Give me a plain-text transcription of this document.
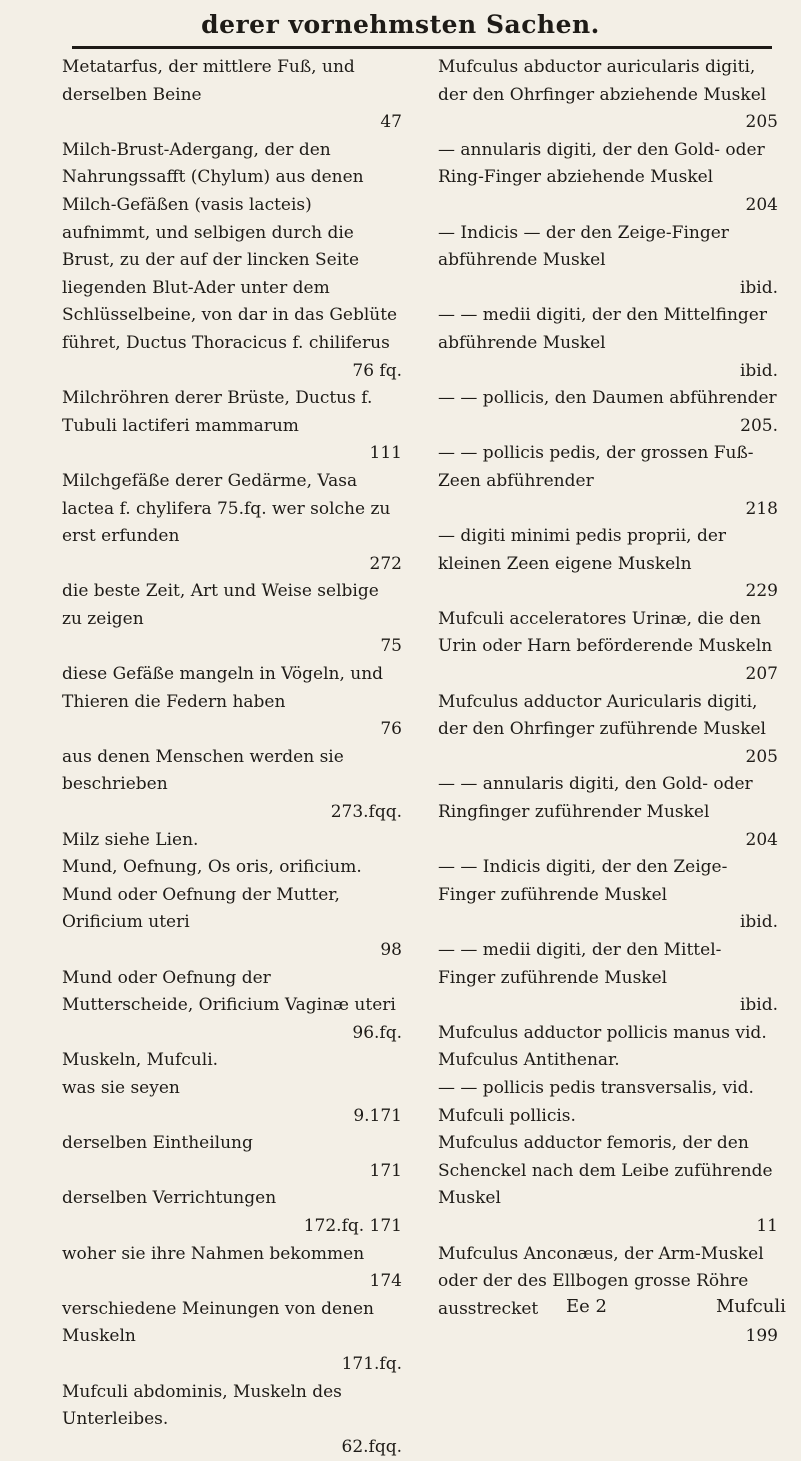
derer vornehmsten Sachen.
Metatarfus, der mittlere Fuß, und derselben Beine
47
Milch-Brust-Adergang, der den Nahrungssafft (Chylum) aus denen Milch-Gefäßen (vasis lacteis) aufnimmt, und selbigen durch die Brust, zu der auf der lincken Seite liegenden Blut-Ader unter dem Schlüsselbeine, von dar in das Geblüte führet, Ductus Thoracicus f. chiliferus
76 fq.
Milchröhren derer Brüste, Ductus f. Tubuli lactiferi mammarum
111
Milchgefäße derer Gedärme, Vasa lactea f. chylifera 75.fq. wer solche zu erst erfunden
272
die beste Zeit, Art und Weise selbige zu zeigen
75
diese Gefäße mangeln in Vögeln, und Thieren die Federn haben
76
aus denen Menschen werden sie beschrieben
273.fqq.
Milz siehe Lien.
Mund, Oefnung, Os oris, orificium.
Mund oder Oefnung der Mutter, Orificium uteri
98
Mund oder Oefnung der Mutterscheide, Orificium Vaginæ uteri
96.fq.
Muskeln, Mufculi.
was sie seyen
9.171
derselben Eintheilung
171
derselben Verrichtungen
172.fq. 171
woher sie ihre Nahmen bekommen
174
verschiedene Meinungen von denen Muskeln
171.fq.
Mufculi abdominis, Muskeln des Unterleibes.
62.fqq.
Mufculus abductor auricularis digiti, der den Ohrfinger abziehende Muskel
205
— annularis digiti, der den Gold- oder Ring-Finger abziehende Muskel
204
— Indicis — der den Zeige-Finger abführende Muskel
ibid.
— — medii digiti, der den Mittelfinger abführende Muskel
ibid.
— — pollicis, den Daumen abführender
205.
— — pollicis pedis, der grossen Fuß-Zeen abführender
218
— digiti minimi pedis proprii, der kleinen Zeen eigene Muskeln
229
Mufculi acceleratores Urinæ, die den Urin oder Harn beförderende Muskeln
207
Mufculus adductor Auricularis digiti, der den Ohrfinger zuführende Muskel
205
— — annularis digiti, den Gold- oder Ringfinger zuführender Muskel
204
— — Indicis digiti, der den Zeige-Finger zuführende Muskel
ibid.
— — medii digiti, der den Mittel-Finger zuführende Muskel
ibid.
Mufculus adductor pollicis manus vid. Mufculus Antithenar.
— — pollicis pedis transversalis, vid. Mufculi pollicis.
Mufculus adductor femoris, der den Schenckel nach dem Leibe zuführende Muskel
11
Mufculus Anconæus, der Arm-Muskel oder der des Ellbogen grosse Röhre ausstrecket
199
Ee 2	Mufculi
